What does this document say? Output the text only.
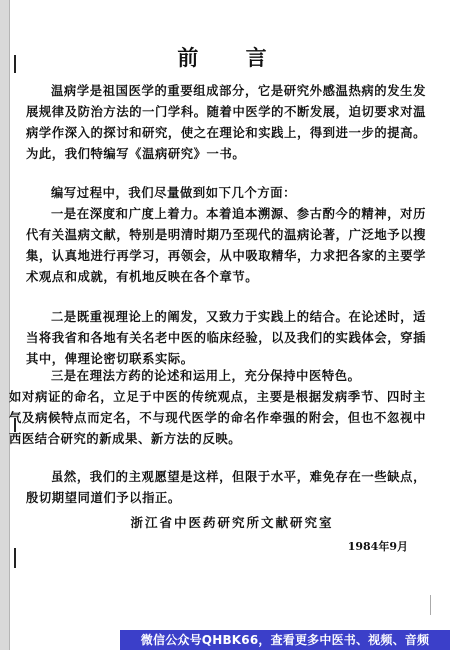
前 言

温病学是祖国医学的重要组成部分，它是研究外感温热病的发生发展规律及防治方法的一门学科。随着中医学的不断发展，迫切要求对温病学作深入的探讨和研究，使之在理论和实践上，得到进一步的提高。为此，我们特编写《温病研究》一书。

编写过程中，我们尽量做到如下几个方面：

一是在深度和广度上着力。本着追本溯源、参古酌今的精神，对历代有关温病文献，特别是明清时期乃至现代的温病论著，广泛地予以搜集，认真地进行再学习，再领会，从中吸取精华，力求把各家的主要学术观点和成就，有机地反映在各个章节。

二是既重视理论上的阐发，又致力于实践上的结合。在论述时，适当将我省和各地有关名老中医的临床经验，以及我们的实践体会，穿插其中，俾理论密切联系实际。

三是在理法方药的论述和运用上，充分保持中医特色。

如对病证的命名，立足于中医的传统观点，主要是根据发病季节、四时主气及病候特点而定名，不与现代医学的命名作牵强的附会，但也不忽视中西医结合研究的新成果、新方法的反映。

虽然，我们的主观愿望是这样，但限于水平，难免存在一些缺点，殷切期望同道们予以指正。

浙江省中医药研究所文献研究室
1984年9月
微信公众号QHBK66，查看更多中医书、视频、音频
